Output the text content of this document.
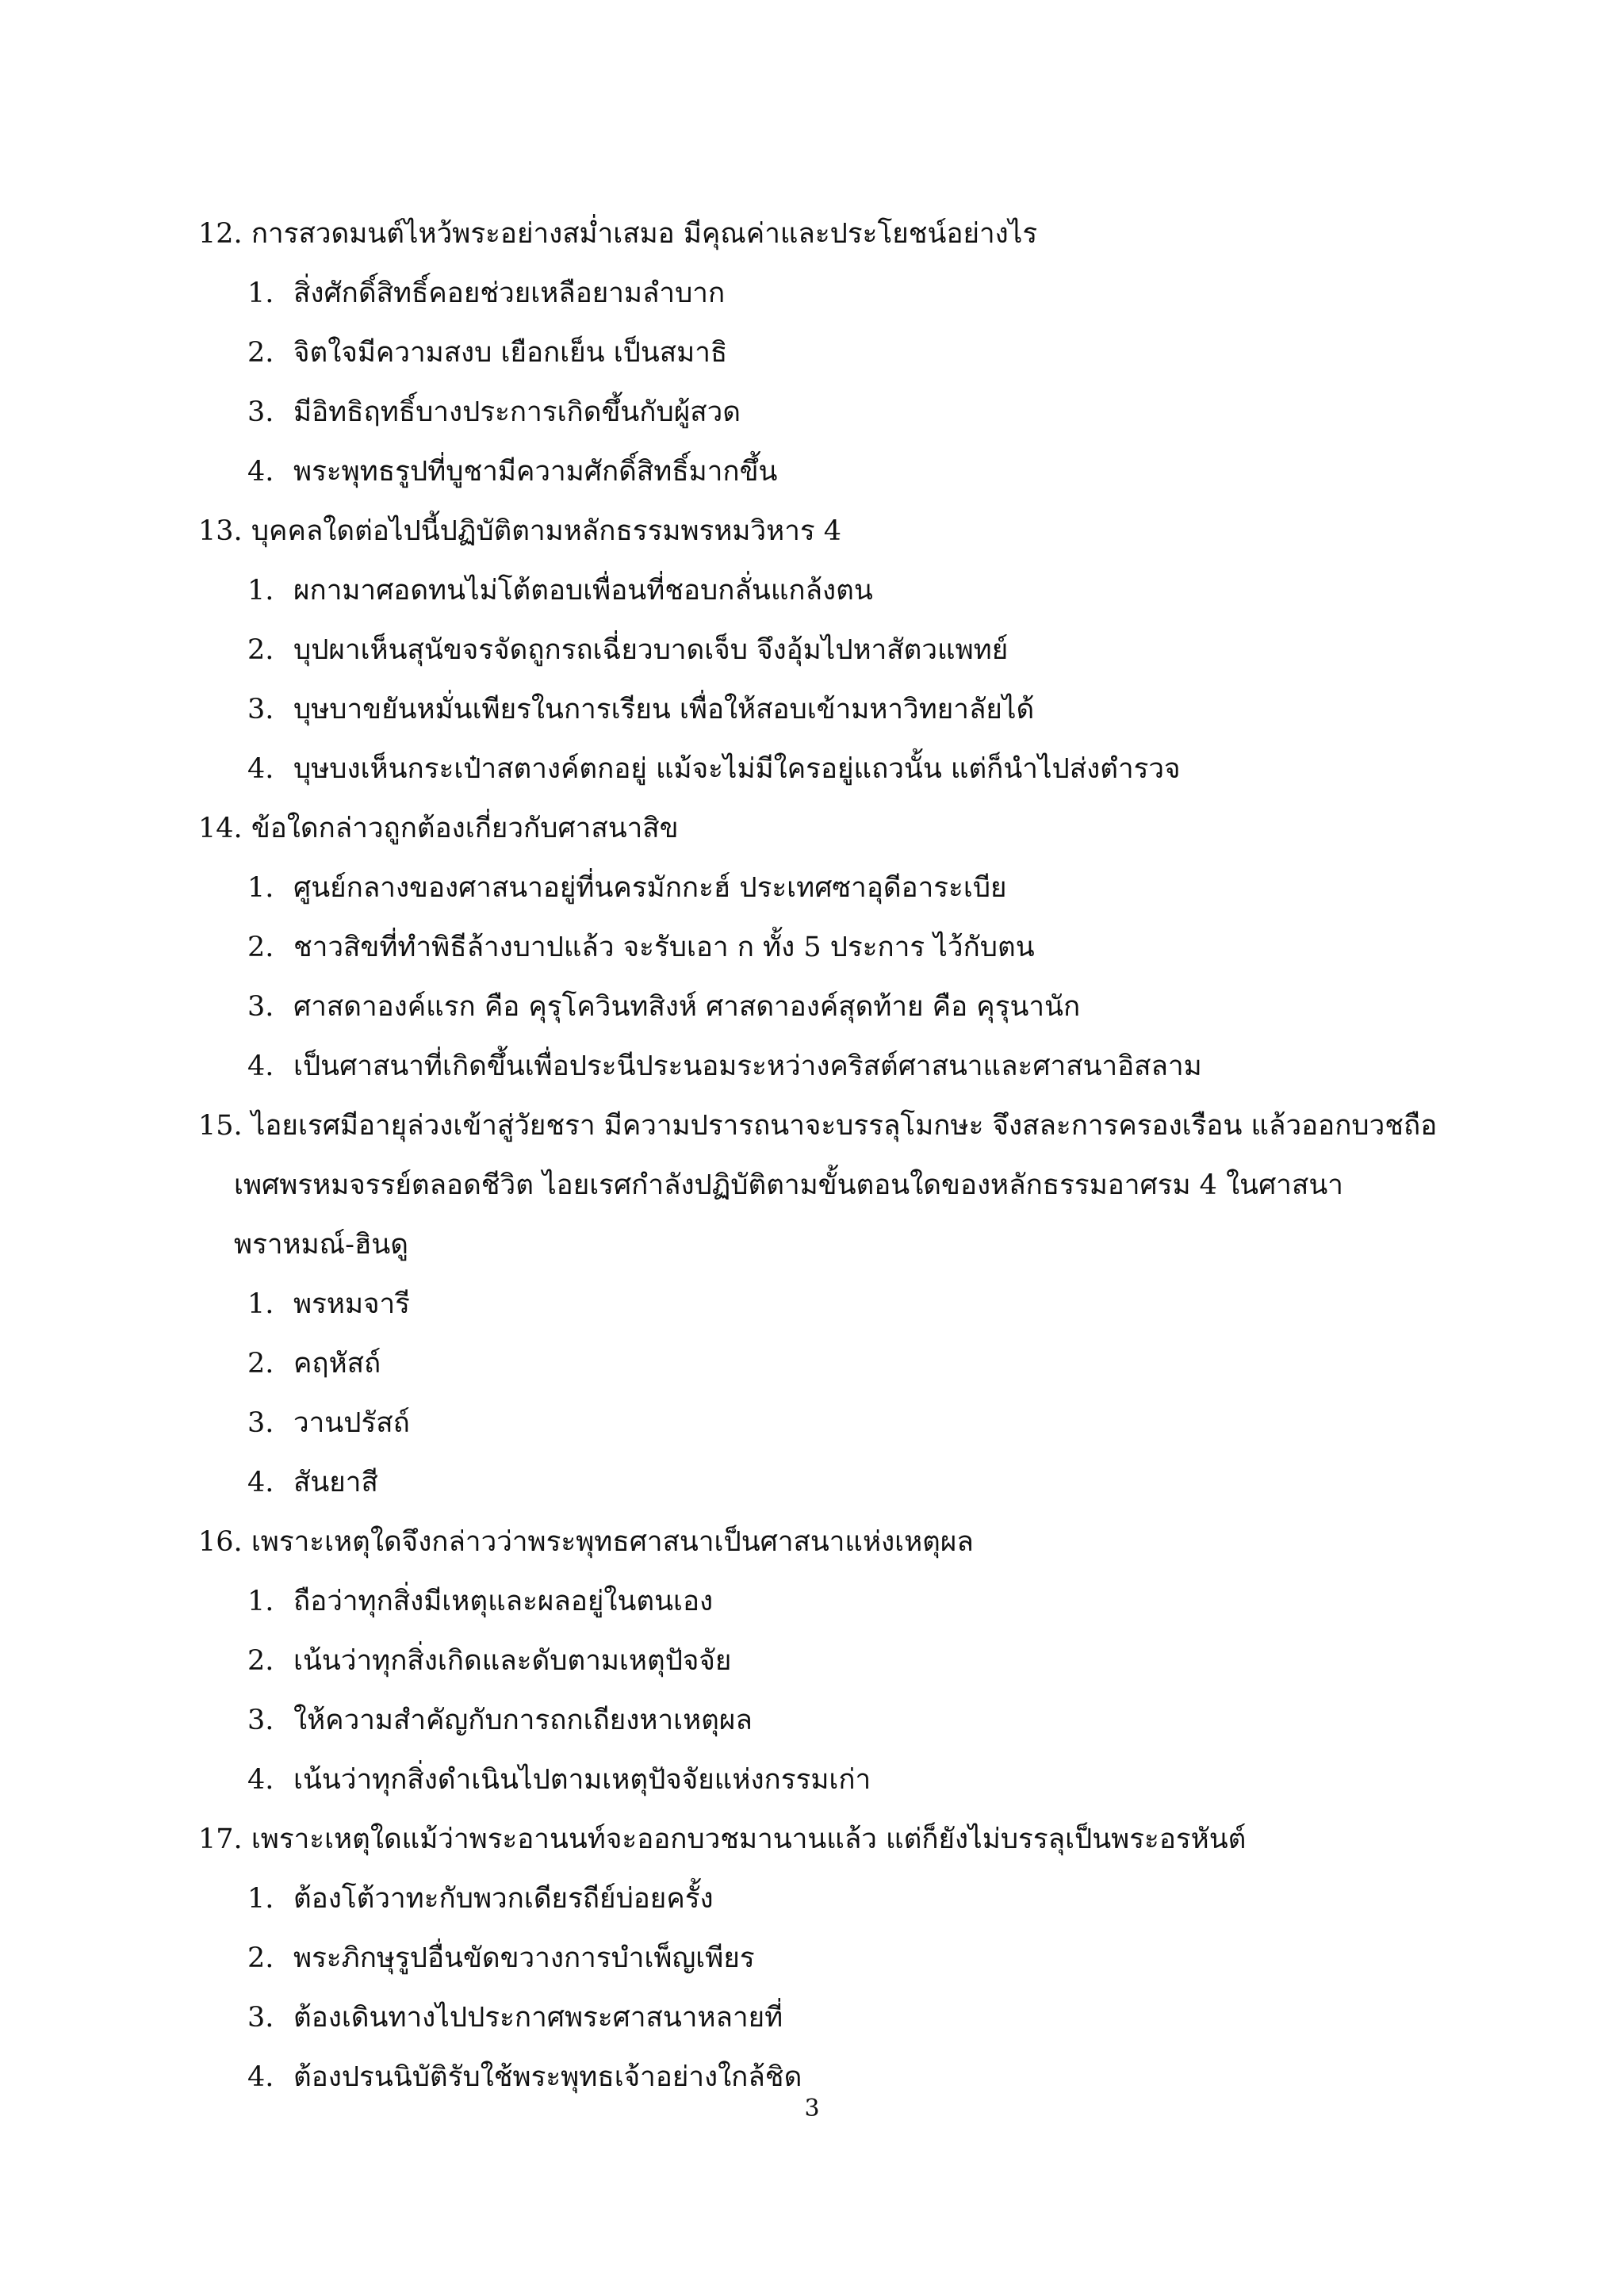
12. การสวดมนต์ไหว้พระอย่างสม่ำเสมอ มีคุณค่าและประโยชน์อย่างไร
1. สิ่งศักดิ์สิทธิ์คอยช่วยเหลือยามลำบาก
2. จิตใจมีความสงบ เยือกเย็น เป็นสมาธิ
3. มีอิทธิฤทธิ์บางประการเกิดขึ้นกับผู้สวด
4. พระพุทธรูปที่บูชามีความศักดิ์สิทธิ์มากขึ้น
13. บุคคลใดต่อไปนี้ปฏิบัติตามหลักธรรมพรหมวิหาร 4
1. ผกามาศอดทนไม่โต้ตอบเพื่อนที่ชอบกลั่นแกล้งตน
2. บุปผาเห็นสุนัขจรจัดถูกรถเฉี่ยวบาดเจ็บ จึงอุ้มไปหาสัตวแพทย์
3. บุษบาขยันหมั่นเพียรในการเรียน เพื่อให้สอบเข้ามหาวิทยาลัยได้
4. บุษบงเห็นกระเป๋าสตางค์ตกอยู่ แม้จะไม่มีใครอยู่แถวนั้น แต่ก็นำไปส่งตำรวจ
14. ข้อใดกล่าวถูกต้องเกี่ยวกับศาสนาสิข
1. ศูนย์กลางของศาสนาอยู่ที่นครมักกะฮ์ ประเทศซาอุดีอาระเบีย
2. ชาวสิขที่ทำพิธีล้างบาปแล้ว จะรับเอา ก ทั้ง 5 ประการ ไว้กับตน
3. ศาสดาองค์แรก คือ คุรุโควินทสิงห์ ศาสดาองค์สุดท้าย คือ คุรุนานัก
4. เป็นศาสนาที่เกิดขึ้นเพื่อประนีประนอมระหว่างคริสต์ศาสนาและศาสนาอิสลาม
15. ไอยเรศมีอายุล่วงเข้าสู่วัยชรา มีความปรารถนาจะบรรลุโมกษะ จึงสละการครองเรือน แล้วออกบวชถือ
เพศพรหมจรรย์ตลอดชีวิต ไอยเรศกำลังปฏิบัติตามขั้นตอนใดของหลักธรรมอาศรม 4 ในศาสนา
พราหมณ์-ฮินดู
1. พรหมจารี
2. คฤหัสถ์
3. วานปรัสถ์
4. สันยาสี
16. เพราะเหตุใดจึงกล่าวว่าพระพุทธศาสนาเป็นศาสนาแห่งเหตุผล
1. ถือว่าทุกสิ่งมีเหตุและผลอยู่ในตนเอง
2. เน้นว่าทุกสิ่งเกิดและดับตามเหตุปัจจัย
3. ให้ความสำคัญกับการถกเถียงหาเหตุผล
4. เน้นว่าทุกสิ่งดำเนินไปตามเหตุปัจจัยแห่งกรรมเก่า
17. เพราะเหตุใดแม้ว่าพระอานนท์จะออกบวชมานานแล้ว แต่ก็ยังไม่บรรลุเป็นพระอรหันต์
1. ต้องโต้วาทะกับพวกเดียรถีย์บ่อยครั้ง
2. พระภิกษุรูปอื่นขัดขวางการบำเพ็ญเพียร
3. ต้องเดินทางไปประกาศพระศาสนาหลายที่
4. ต้องปรนนิบัติรับใช้พระพุทธเจ้าอย่างใกล้ชิด
3
